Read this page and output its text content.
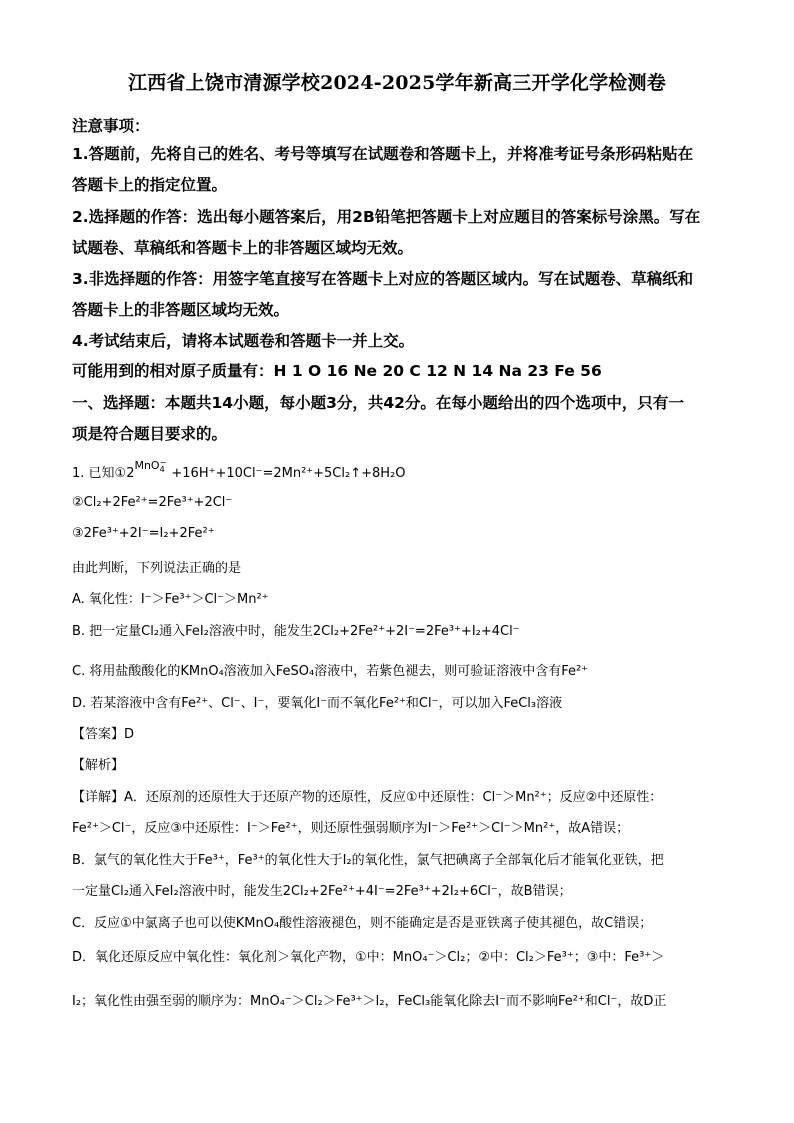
江西省上饶市清源学校2024-2025学年新高三开学化学检测卷
注意事项：
1.答题前，先将自己的姓名、考号等填写在试题卷和答题卡上，并将准考证号条形码粘贴在
答题卡上的指定位置。
2.选择题的作答：选出每小题答案后，用2B铅笔把答题卡上对应题目的答案标号涂黑。写在
试题卷、草稿纸和答题卡上的非答题区域均无效。
3.非选择题的作答：用签字笔直接写在答题卡上对应的答题区域内。写在试题卷、草稿纸和
答题卡上的非答题区域均无效。
4.考试结束后，请将本试题卷和答题卡一并上交。
可能用到的相对原子质量有：H 1 O 16 Ne 20 C 12 N 14 Na 23 Fe 56
一、选择题：本题共14小题，每小题3分，共42分。在每小题给出的四个选项中，只有一
项是符合题目要求的。
1. 已知①2MnO$_4$−+16H⁺+10Cl⁻=2Mn²⁺+5Cl₂↑+8H₂O
②Cl₂+2Fe²⁺=2Fe³⁺+2Cl⁻
③2Fe³⁺+2I⁻=I₂+2Fe²⁺
由此判断，下列说法正确的是
A. 氧化性：I⁻＞Fe³⁺＞Cl⁻＞Mn²⁺
B. 把一定量Cl₂通入FeI₂溶液中时，能发生2Cl₂+2Fe²⁺+2I⁻=2Fe³⁺+I₂+4Cl⁻
C. 将用盐酸酸化的KMnO₄溶液加入FeSO₄溶液中，若紫色褪去，则可验证溶液中含有Fe²⁺
D. 若某溶液中含有Fe²⁺、Cl⁻、I⁻，要氧化I⁻而不氧化Fe²⁺和Cl⁻，可以加入FeCl₃溶液
【答案】D
【解析】
【详解】A．还原剂的还原性大于还原产物的还原性，反应①中还原性：Cl⁻＞Mn²⁺；反应②中还原性：
Fe²⁺＞Cl⁻，反应③中还原性：I⁻＞Fe²⁺，则还原性强弱顺序为I⁻＞Fe²⁺＞Cl⁻＞Mn²⁺，故A错误；
B．氯气的氧化性大于Fe³⁺，Fe³⁺的氧化性大于I₂的氧化性，氯气把碘离子全部氧化后才能氧化亚铁，把
一定量Cl₂通入FeI₂溶液中时，能发生2Cl₂+2Fe²⁺+4I⁻=2Fe³⁺+2I₂+6Cl⁻，故B错误；
C．反应①中氯离子也可以使KMnO₄酸性溶液褪色，则不能确定是否是亚铁离子使其褪色，故C错误；
D．氧化还原反应中氧化性：氧化剂＞氧化产物，①中：MnO₄⁻＞Cl₂；②中：Cl₂＞Fe³⁺；③中：Fe³⁺＞
I₂；氧化性由强至弱的顺序为：MnO₄⁻＞Cl₂＞Fe³⁺＞I₂，FeCl₃能氧化除去I⁻而不影响Fe²⁺和Cl⁻，故D正
